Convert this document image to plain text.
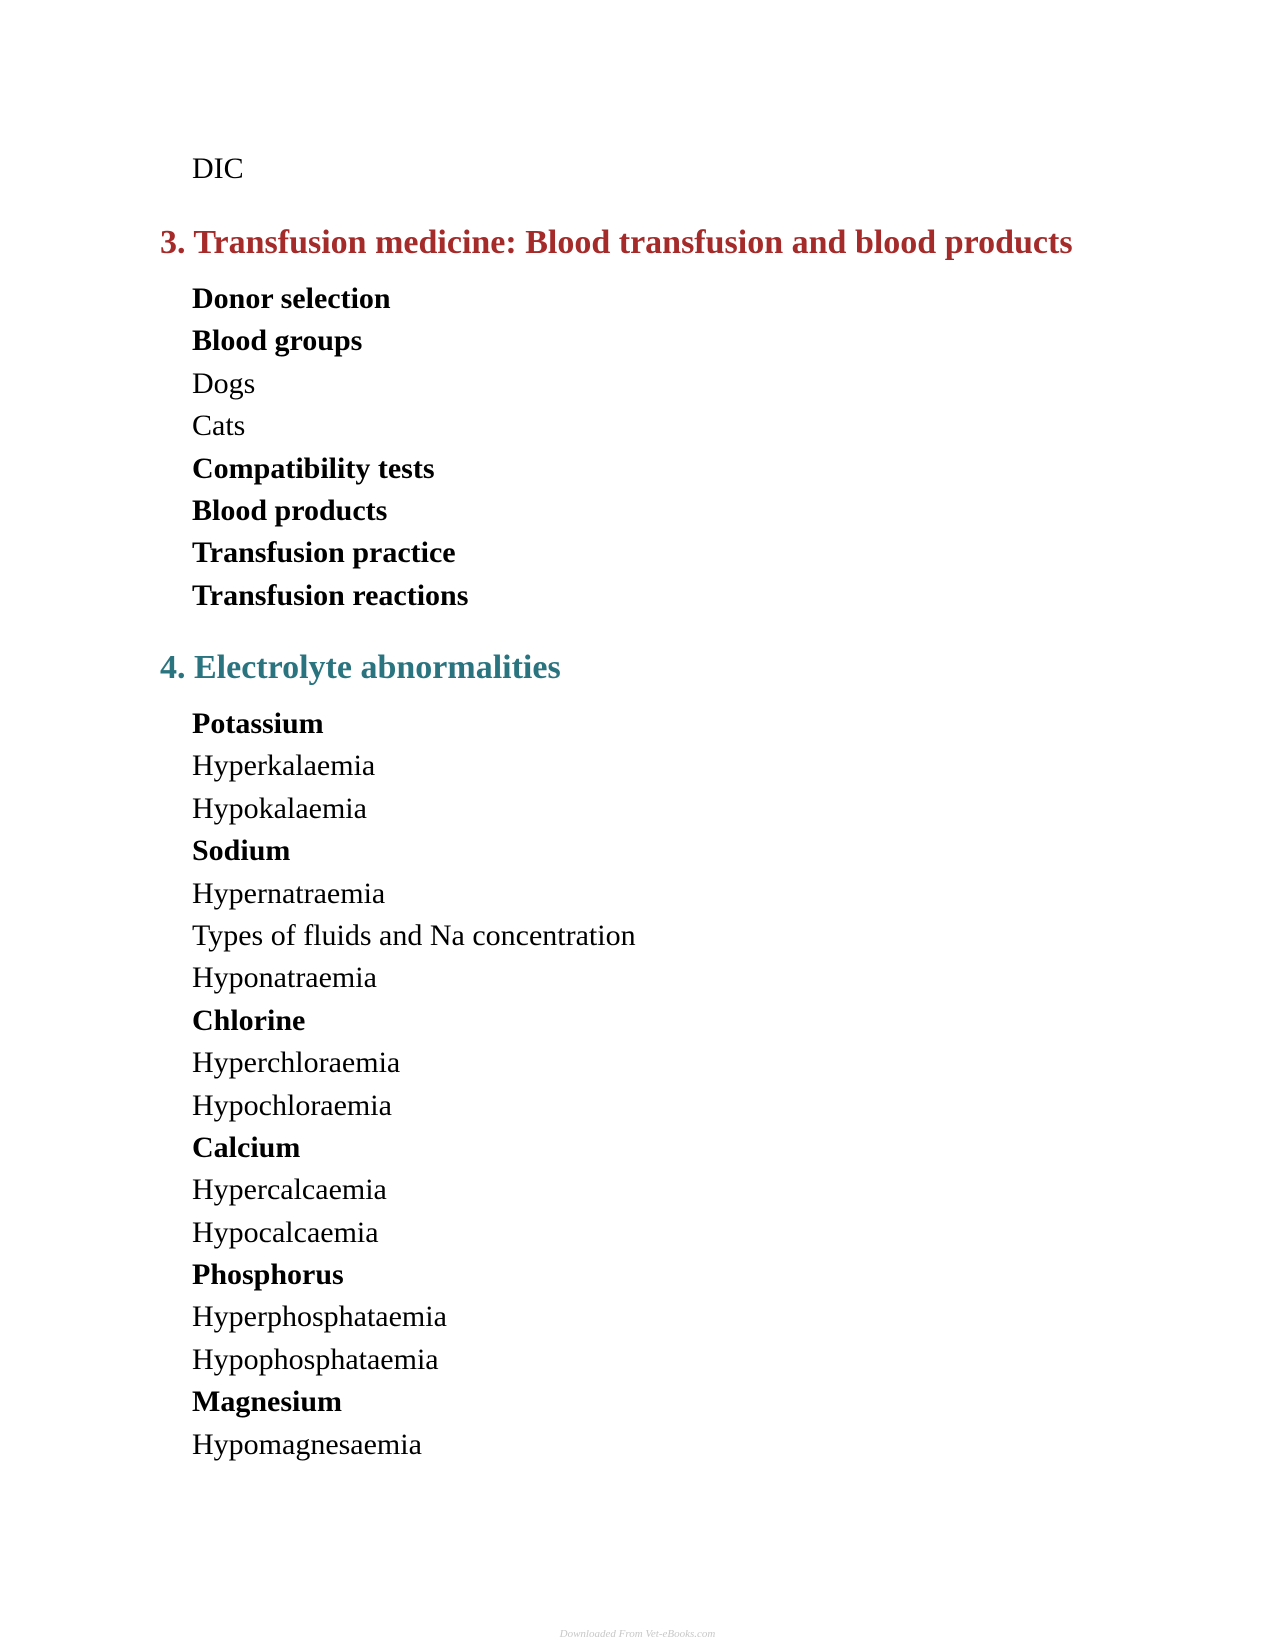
DIC

3. Transfusion medicine: Blood transfusion and blood products
Donor selection
Blood groups
Dogs
Cats
Compatibility tests
Blood products
Transfusion practice
Transfusion reactions
4. Electrolyte abnormalities
Potassium
Hyperkalaemia
Hypokalaemia
Sodium
Hypernatraemia
Types of fluids and Na concentration
Hyponatraemia
Chlorine
Hyperchloraemia
Hypochloraemia
Calcium
Hypercalcaemia
Hypocalcaemia
Phosphorus
Hyperphosphataemia
Hypophosphataemia
Magnesium
Hypomagnesaemia
Downloaded From Vet-eBooks.com
